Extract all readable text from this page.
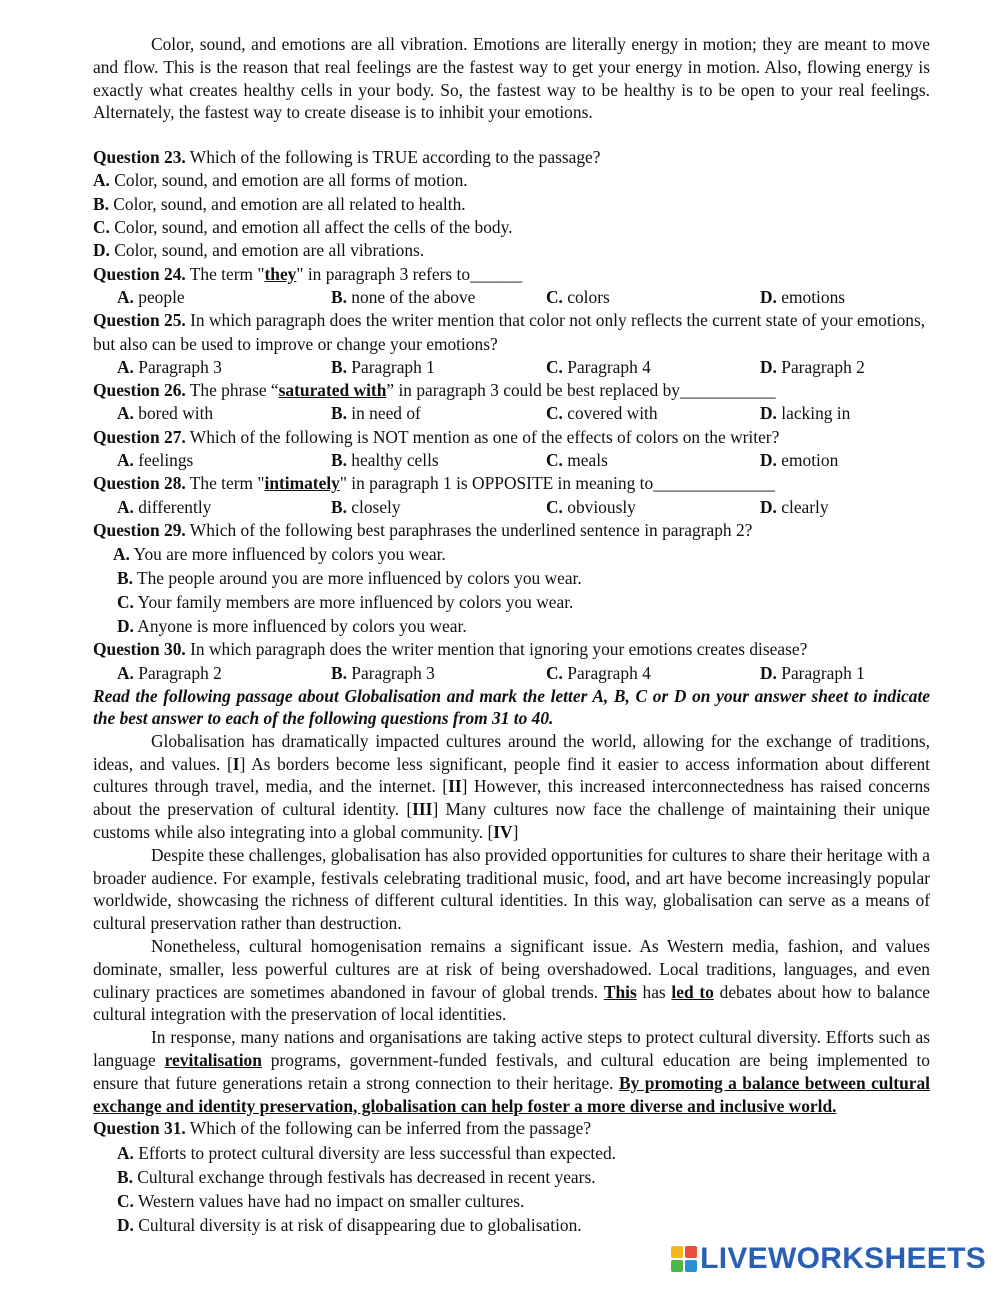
Color, sound, and emotions are all vibration. Emotions are literally energy in motion; they are meant to move and flow. This is the reason that real feelings are the fastest way to get your energy in motion. Also, flowing energy is exactly what creates healthy cells in your body. So, the fastest way to be healthy is to be open to your real feelings. Alternately, the fastest way to create disease is to inhibit your emotions.

Question 23. Which of the following is TRUE according to the passage?

A. Color, sound, and emotion are all forms of motion.

B. Color, sound, and emotion are all related to health.

C. Color, sound, and emotion all affect the cells of the body.

D. Color, sound, and emotion are all vibrations.

Question 24. The term "they" in paragraph 3 refers to______

A. people	B. none of the above	C. colors	D. emotions

Question 25. In which paragraph does the writer mention that color not only reflects the current state of your emotions, but also can be used to improve or change your emotions?

A. Paragraph 3	B. Paragraph 1	C. Paragraph 4	D. Paragraph 2

Question 26. The phrase “saturated with” in paragraph 3 could be best replaced by___________

A. bored with	B. in need of	C. covered with	D. lacking in

Question 27. Which of the following is NOT mention as one of the effects of colors on the writer?

A. feelings	B. healthy cells	C. meals	D. emotion

Question 28. The term "intimately" in paragraph 1 is OPPOSITE in meaning to______________

A. differently	B. closely	C. obviously	D. clearly

Question 29. Which of the following best paraphrases the underlined sentence in paragraph 2?

A. You are more influenced by colors you wear.

B. The people around you are more influenced by colors you wear.

C. Your family members are more influenced by colors you wear.

D. Anyone is more influenced by colors you wear.

Question 30. In which paragraph does the writer mention that ignoring your emotions creates disease?

A. Paragraph 2	B. Paragraph 3	C. Paragraph 4	D. Paragraph 1

Read the following passage about Globalisation and mark the letter A, B, C or D on your answer sheet to indicate the best answer to each of the following questions from 31 to 40.

Globalisation has dramatically impacted cultures around the world, allowing for the exchange of traditions, ideas, and values. [I] As borders become less significant, people find it easier to access information about different cultures through travel, media, and the internet. [II] However, this increased interconnectedness has raised concerns about the preservation of cultural identity. [III] Many cultures now face the challenge of maintaining their unique customs while also integrating into a global community. [IV]

Despite these challenges, globalisation has also provided opportunities for cultures to share their heritage with a broader audience. For example, festivals celebrating traditional music, food, and art have become increasingly popular worldwide, showcasing the richness of different cultural identities. In this way, globalisation can serve as a means of cultural preservation rather than destruction.

Nonetheless, cultural homogenisation remains a significant issue. As Western media, fashion, and values dominate, smaller, less powerful cultures are at risk of being overshadowed. Local traditions, languages, and even culinary practices are sometimes abandoned in favour of global trends. This has led to debates about how to balance cultural integration with the preservation of local identities.

In response, many nations and organisations are taking active steps to protect cultural diversity. Efforts such as language revitalisation programs, government-funded festivals, and cultural education are being implemented to ensure that future generations retain a strong connection to their heritage. By promoting a balance between cultural exchange and identity preservation, globalisation can help foster a more diverse and inclusive world.

Question 31. Which of the following can be inferred from the passage?

A. Efforts to protect cultural diversity are less successful than expected.

B. Cultural exchange through festivals has decreased in recent years.

C. Western values have had no impact on smaller cultures.

D. Cultural diversity is at risk of disappearing due to globalisation.

LIVEWORKSHEETS
